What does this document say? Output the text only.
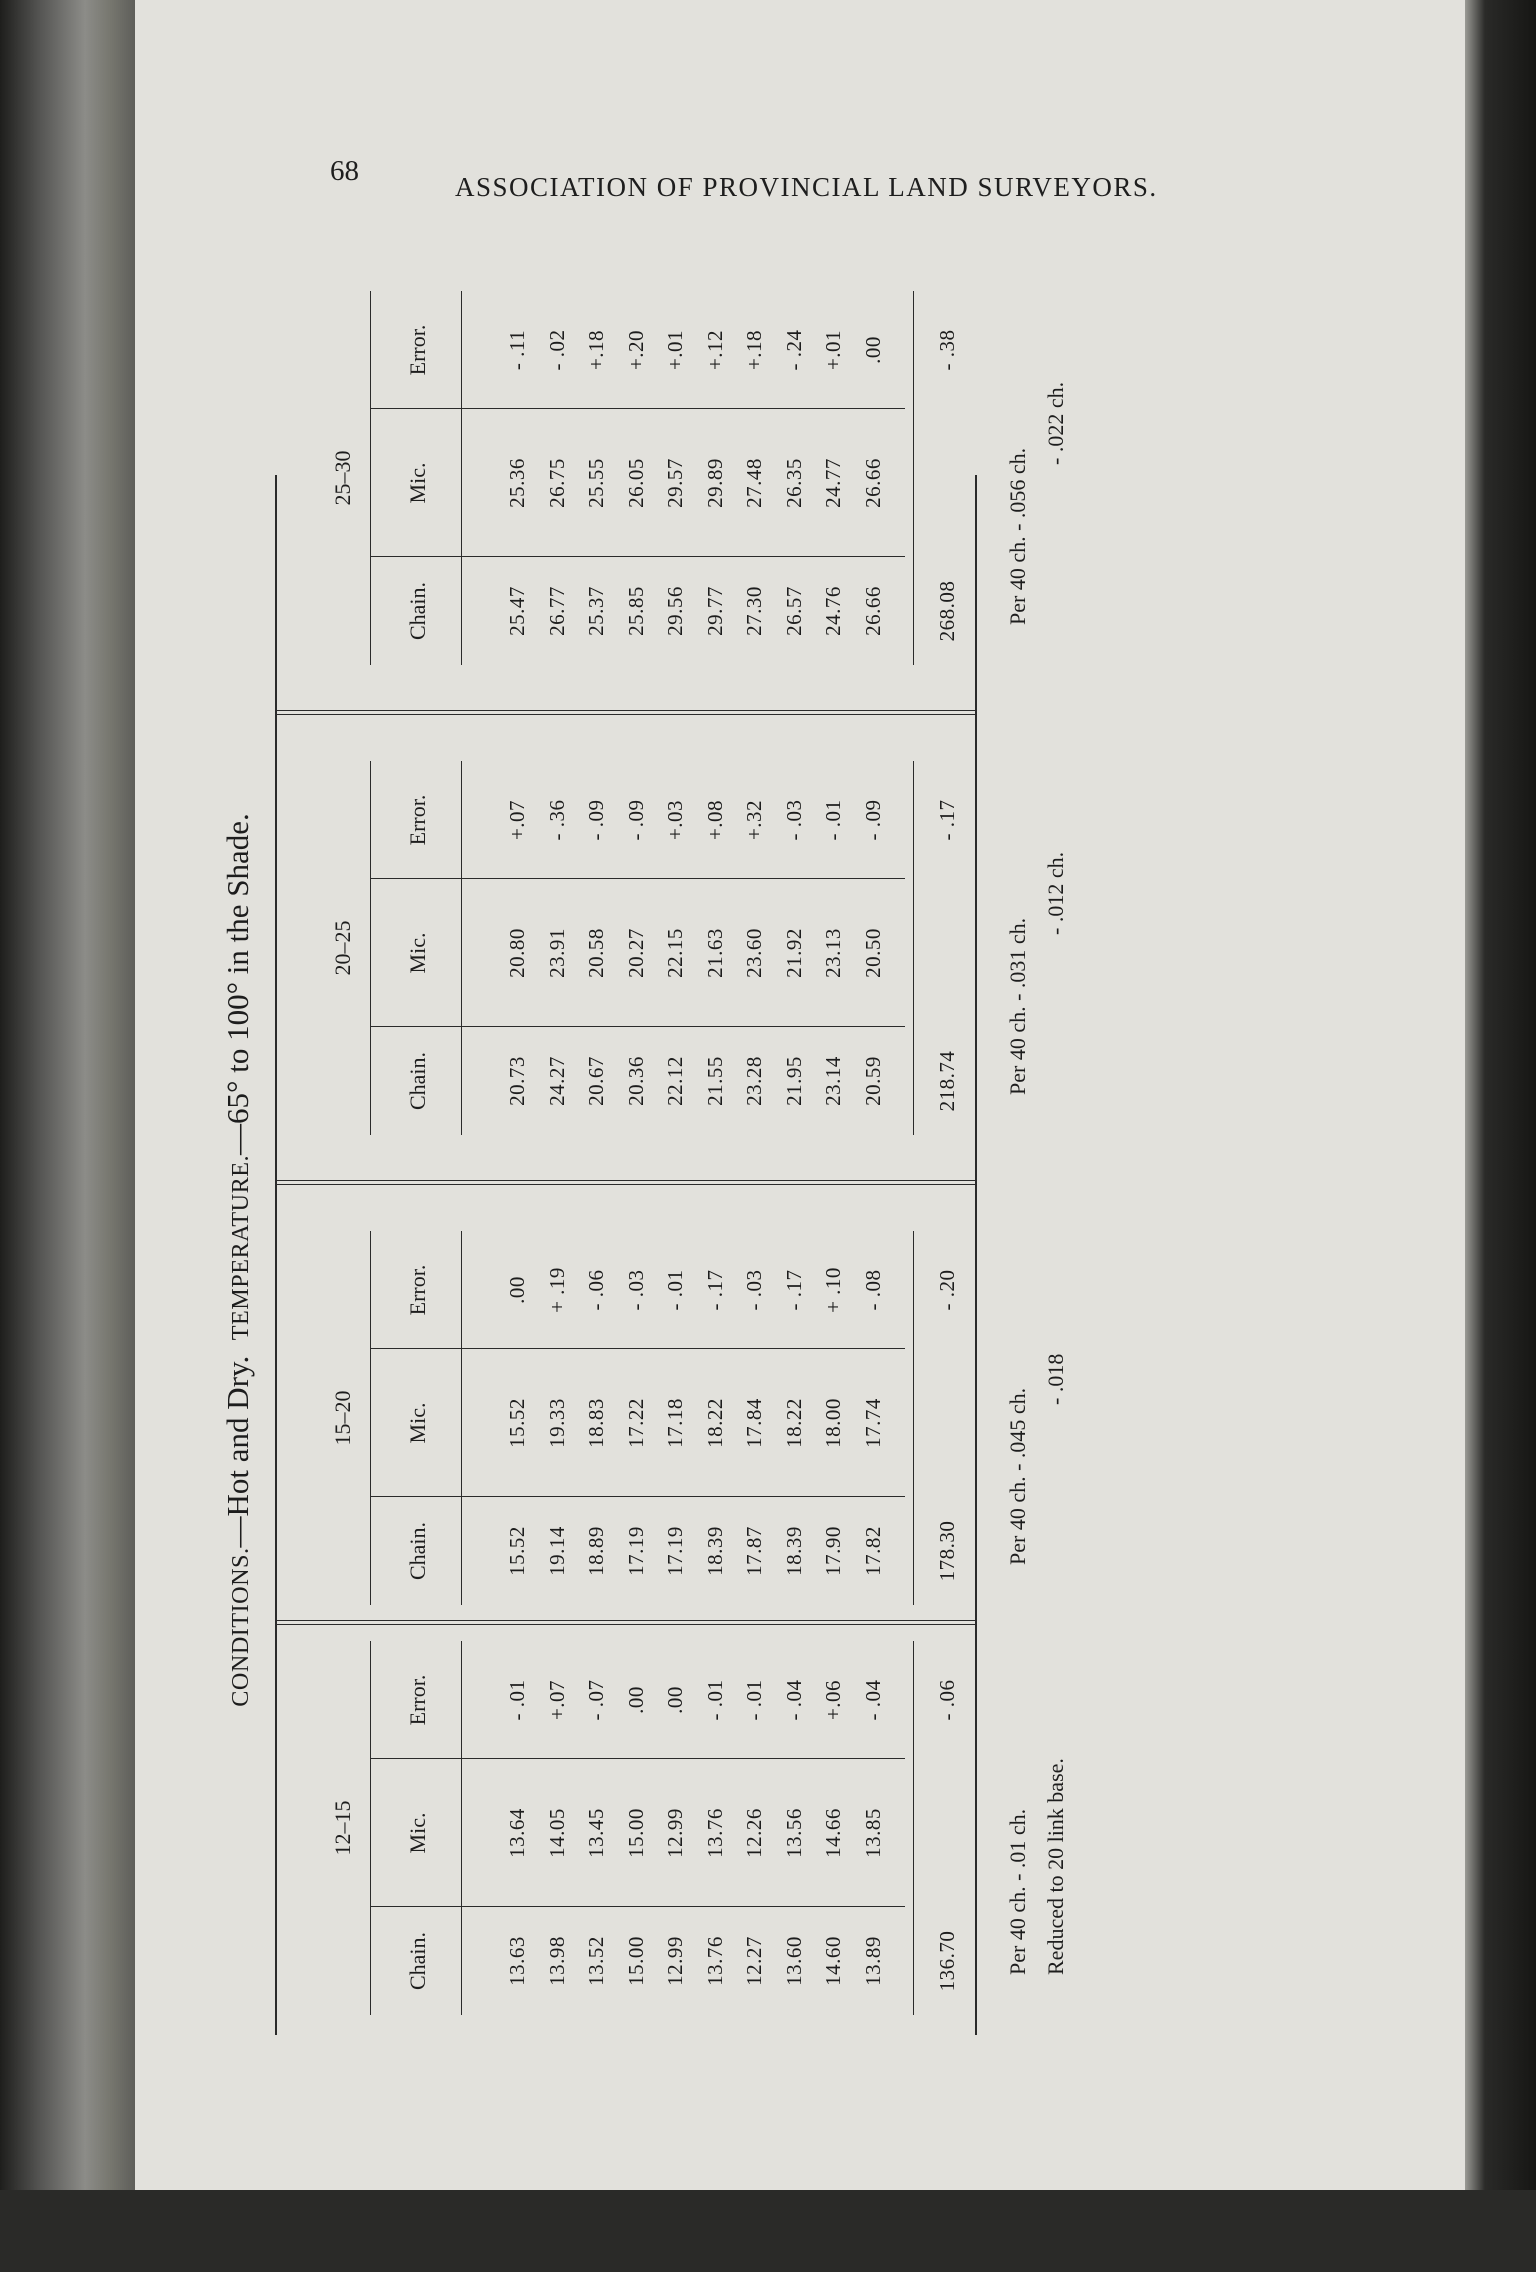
68	ASSOCIATION OF PROVINCIAL LAND SURVEYORS.
CONDITIONS.—Hot and Dry.  TEMPERATURE.—65° to 100° in the Shade.
12–15
Chain.
Mic.
Error.
13.63
13.64
- .01
13.98
14.05
+.07
13.52
13.45
- .07
15.00
15.00
.00
12.99
12.99
.00
13.76
13.76
- .01
12.27
12.26
- .01
13.60
13.56
- .04
14.60
14.66
+.06
13.89
13.85
- .04
136.70
- .06
Per 40 ch. - .01 ch. Reduced to 20 link base.
15–20
Chain.
Mic.
Error.
15.52
15.52
.00
19.14
19.33
+ .19
18.89
18.83
- .06
17.19
17.22
- .03
17.19
17.18
- .01
18.39
18.22
- .17
17.87
17.84
- .03
18.39
18.22
- .17
17.90
18.00
+ .10
17.82
17.74
- .08
178.30
- .20
Per 40 ch. - .045 ch.
- .018
20–25
Chain.
Mic.
Error.
20.73
20.80
+.07
24.27
23.91
- .36
20.67
20.58
- .09
20.36
20.27
- .09
22.12
22.15
+.03
21.55
21.63
+.08
23.28
23.60
+.32
21.95
21.92
- .03
23.14
23.13
- .01
20.59
20.50
- .09
218.74
- .17
Per 40 ch. - .031 ch.
- .012 ch.
25–30
Chain.
Mic.
Error.
25.47
25.36
- .11
26.77
26.75
- .02
25.37
25.55
+.18
25.85
26.05
+.20
29.56
29.57
+.01
29.77
29.89
+.12
27.30
27.48
+.18
26.57
26.35
- .24
24.76
24.77
+.01
26.66
26.66
.00
268.08
- .38
Per 40 ch. - .056 ch.
- .022 ch.
